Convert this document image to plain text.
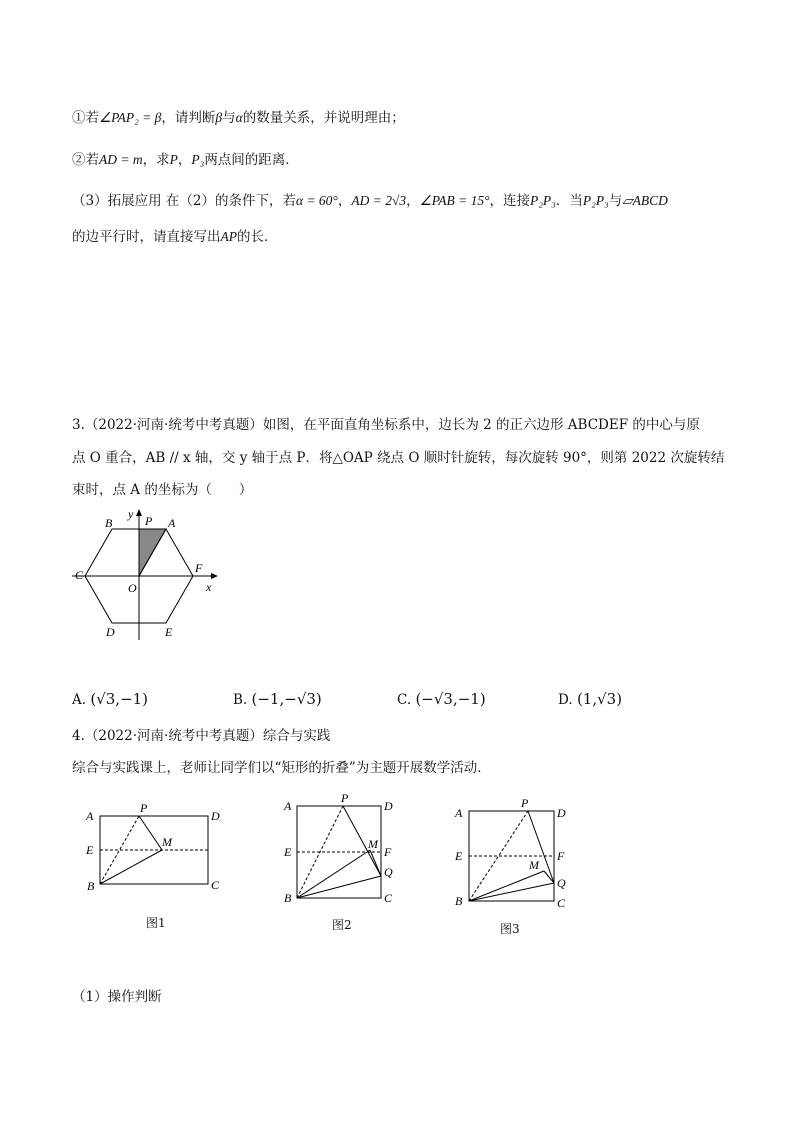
①若∠PAP₂ = β，请判断β与α的数量关系，并说明理由；
②若AD = m，求P，P₃两点间的距离．
（3）拓展应用 在（2）的条件下，若α = 60°，AD = 2√3，∠PAB = 15°，连接P₂P₃．当P₂P₃与▱ABCD
的边平行时，请直接写出AP的长．
3.（2022·河南·统考中考真题）如图，在平面直角坐标系中，边长为 2 的正六边形 ABCDEF 的中心与原
点 O 重合，AB // x 轴，交 y 轴于点 P．将△OAP 绕点 O 顺时针旋转，每次旋转 90°，则第 2022 次旋转结
束时，点 A 的坐标为（　　）
B
y P A
C	F
O	x
D	E
A. (√3,−1)	B. (−1,−√3)	C. (−√3,−1)	D. (1,√3)
4.（2022·河南·统考中考真题）综合与实践
综合与实践课上，老师让同学们以“矩形的折叠”为主题开展数学活动．
A
P
D
E
M
B	C
图1
A
P
D
E
M
F
Q
B	C
图2
A
P
D
E	F
M
Q
B	C
图3
（1）操作判断
